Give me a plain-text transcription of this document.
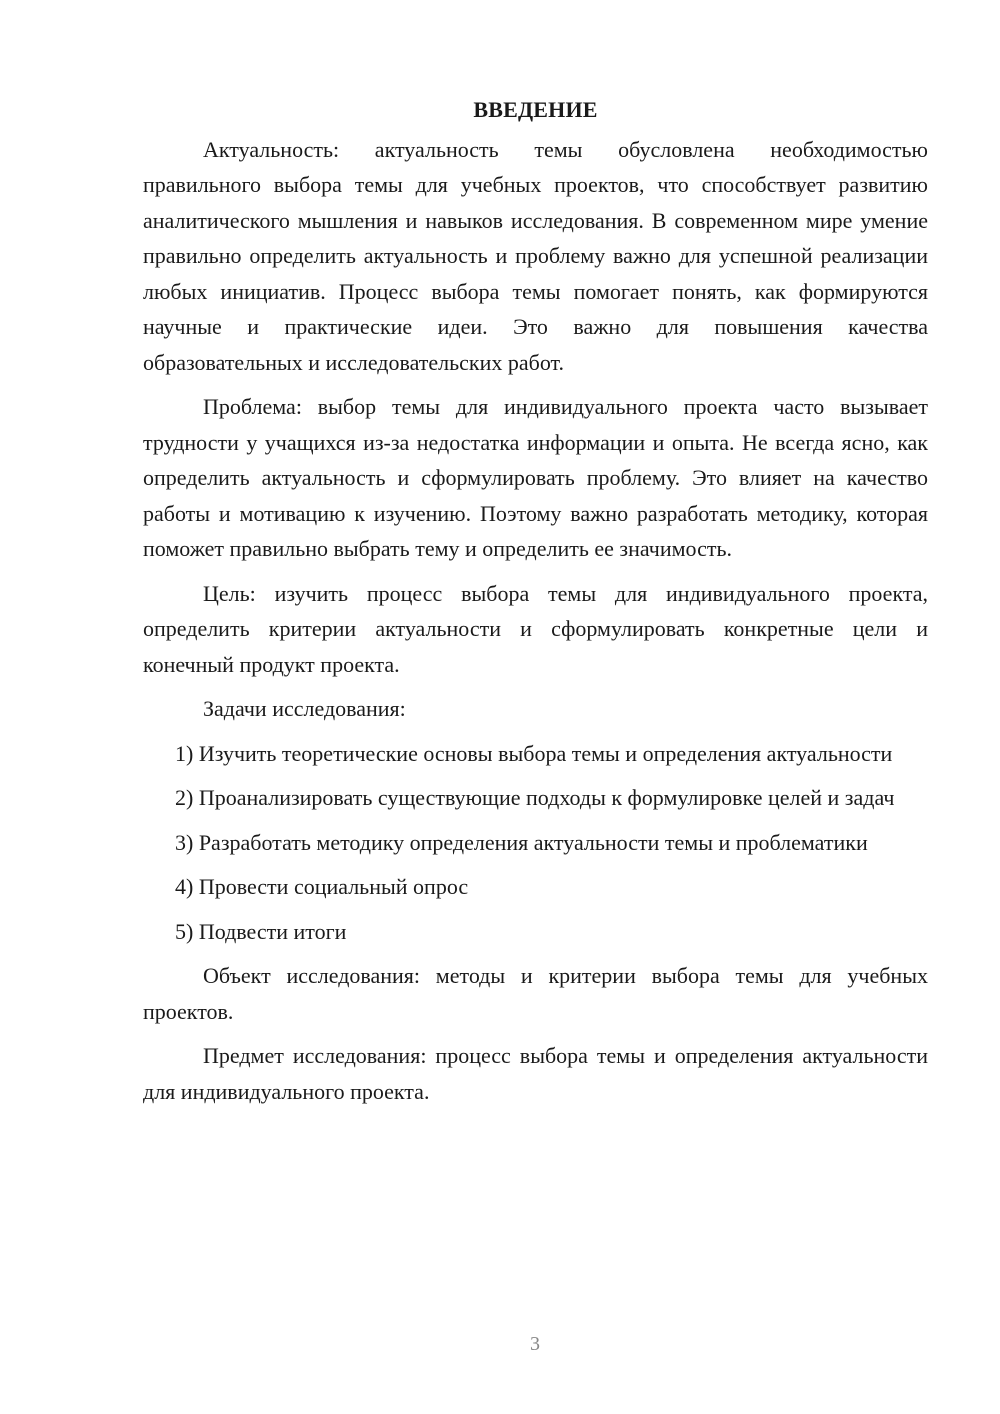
ВВЕДЕНИЕ

Актуальность: актуальность темы обусловлена необходимостью правильного выбора темы для учебных проектов, что способствует развитию аналитического мышления и навыков исследования. В современном мире умение правильно определить актуальность и проблему важно для успешной реализации любых инициатив. Процесс выбора темы помогает понять, как формируются научные и практические идеи. Это важно для повышения качества образовательных и исследовательских работ.

Проблема: выбор темы для индивидуального проекта часто вызывает трудности у учащихся из-за недостатка информации и опыта. Не всегда ясно, как определить актуальность и сформулировать проблему. Это влияет на качество работы и мотивацию к изучению. Поэтому важно разработать методику, которая поможет правильно выбрать тему и определить ее значимость.

Цель: изучить процесс выбора темы для индивидуального проекта, определить критерии актуальности и сформулировать конкретные цели и конечный продукт проекта.

Задачи исследования:

1) Изучить теоретические основы выбора темы и определения актуальности

2) Проанализировать существующие подходы к формулировке целей и задач

3) Разработать методику определения актуальности темы и проблематики

4) Провести социальный опрос

5) Подвести итоги

Объект исследования: методы и критерии выбора темы для учебных проектов.

Предмет исследования: процесс выбора темы и определения актуальности для индивидуального проекта.

3
